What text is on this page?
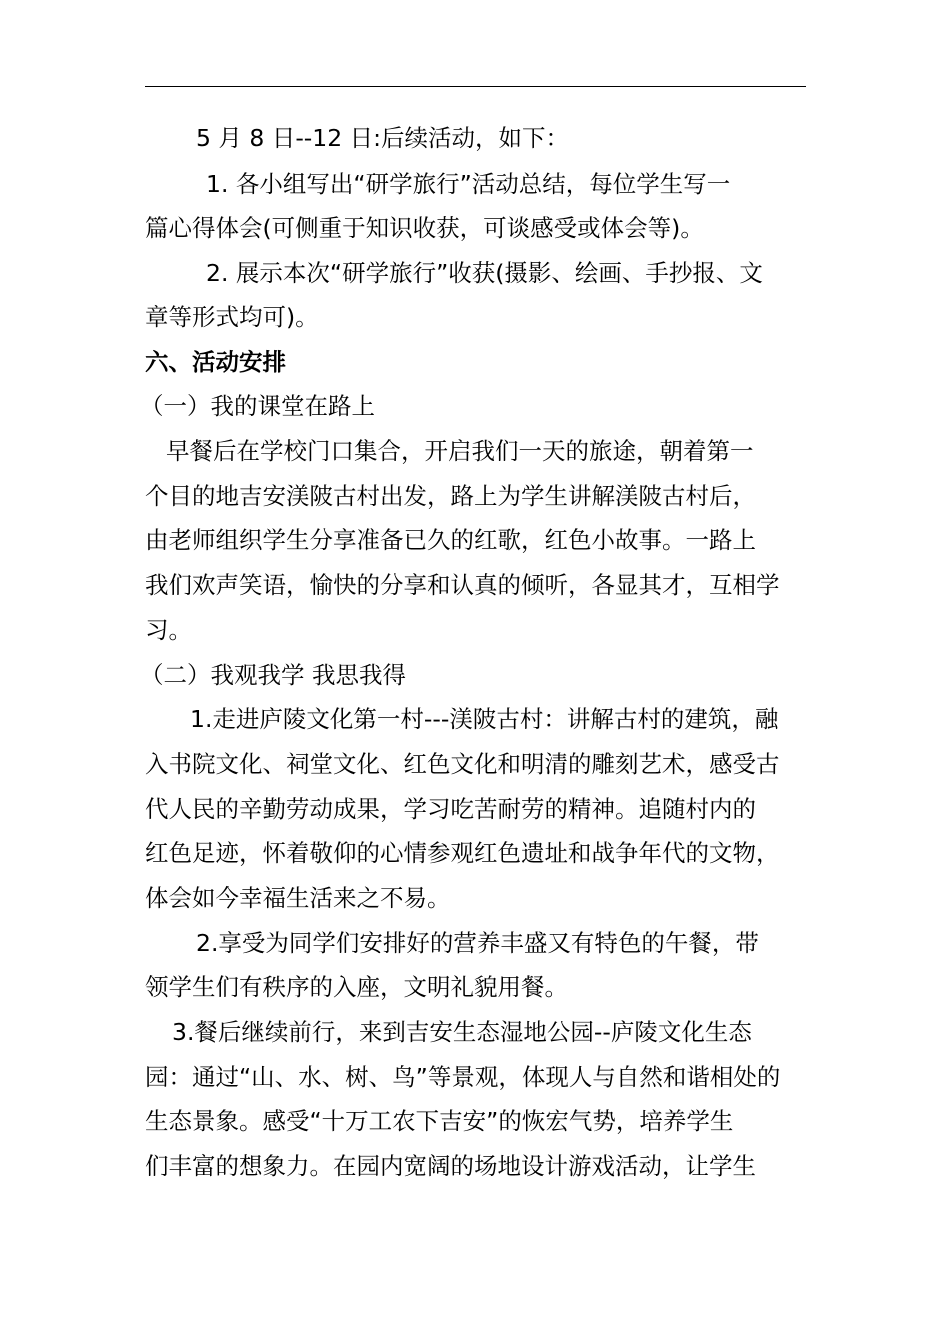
5 月 8 日--12 日:后续活动，如下：
1. 各小组写出“研学旅行”活动总结，每位学生写一
篇心得体会(可侧重于知识收获，可谈感受或体会等)。
2. 展示本次“研学旅行”收获(摄影、绘画、手抄报、文
章等形式均可)。
六、活动安排
（一）我的课堂在路上
早餐后在学校门口集合，开启我们一天的旅途，朝着第一
个目的地吉安渼陂古村出发，路上为学生讲解渼陂古村后，
由老师组织学生分享准备已久的红歌，红色小故事。一路上
我们欢声笑语，愉快的分享和认真的倾听，各显其才，互相学
习。
（二）我观我学 我思我得
1.走进庐陵文化第一村---渼陂古村：讲解古村的建筑，融
入书院文化、祠堂文化、红色文化和明清的雕刻艺术，感受古
代人民的辛勤劳动成果，学习吃苦耐劳的精神。追随村内的
红色足迹，怀着敬仰的心情参观红色遗址和战争年代的文物，
体会如今幸福生活来之不易。
2.享受为同学们安排好的营养丰盛又有特色的午餐，带
领学生们有秩序的入座，文明礼貌用餐。
3.餐后继续前行，来到吉安生态湿地公园--庐陵文化生态
园：通过“山、水、树、鸟”等景观，体现人与自然和谐相处的
生态景象。感受“十万工农下吉安”的恢宏气势，培养学生
们丰富的想象力。在园内宽阔的场地设计游戏活动，让学生
